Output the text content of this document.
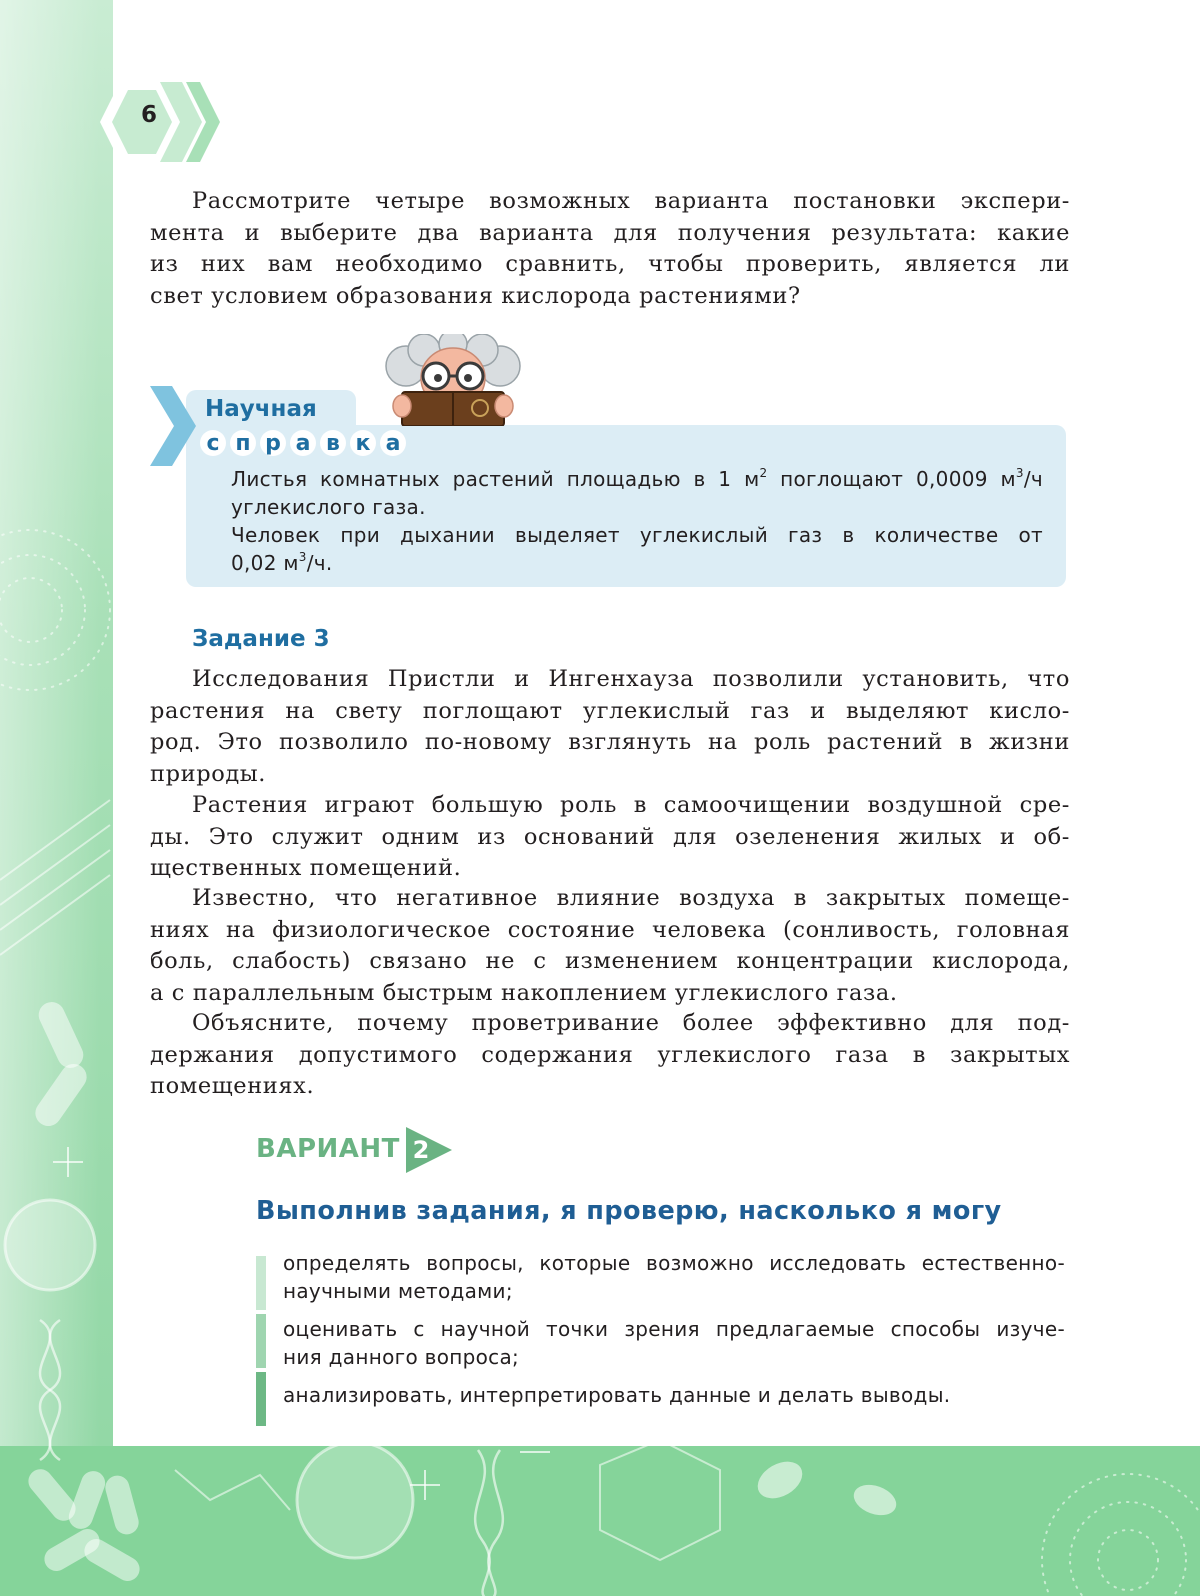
6
Рассмотрите четыре возможных варианта постановки экспери-
мента и выберите два варианта для получения результата: какие
из них вам необходимо сравнить, чтобы проверить, является ли
свет условием образования кислорода растениями?
Научная
с п р а в к а
Листья комнатных растений площадью в 1 $м^2$ поглощают 0,0009 $м^3/ч$
углекислого газа.
Человек при дыхании выделяет углекислый газ в количестве от
0,02 $м^3/ч$.
Задание 3
Исследования Пристли и Ингенхауза позволили установить, что
растения на свету поглощают углекислый газ и выделяют кисло-
род. Это позволило по-новому взглянуть на роль растений в жизни
природы.
Растения играют большую роль в самоочищении воздушной сре-
ды. Это служит одним из оснований для озеленения жилых и об-
щественных помещений.
Известно, что негативное влияние воздуха в закрытых помеще-
ниях на физиологическое состояние человека (сонливость, головная
боль, слабость) связано не с изменением концентрации кислорода,
а с параллельным быстрым накоплением углекислого газа.
Объясните, почему проветривание более эффективно для под-
держания допустимого содержания углекислого газа в закрытых
помещениях.
ВАРИАНТ 2
Выполнив задания, я проверю, насколько я могу
определять вопросы, которые возможно исследовать естественно-
научными методами;
оценивать с научной точки зрения предлагаемые способы изуче-
ния данного вопроса;
анализировать, интерпретировать данные и делать выводы.
